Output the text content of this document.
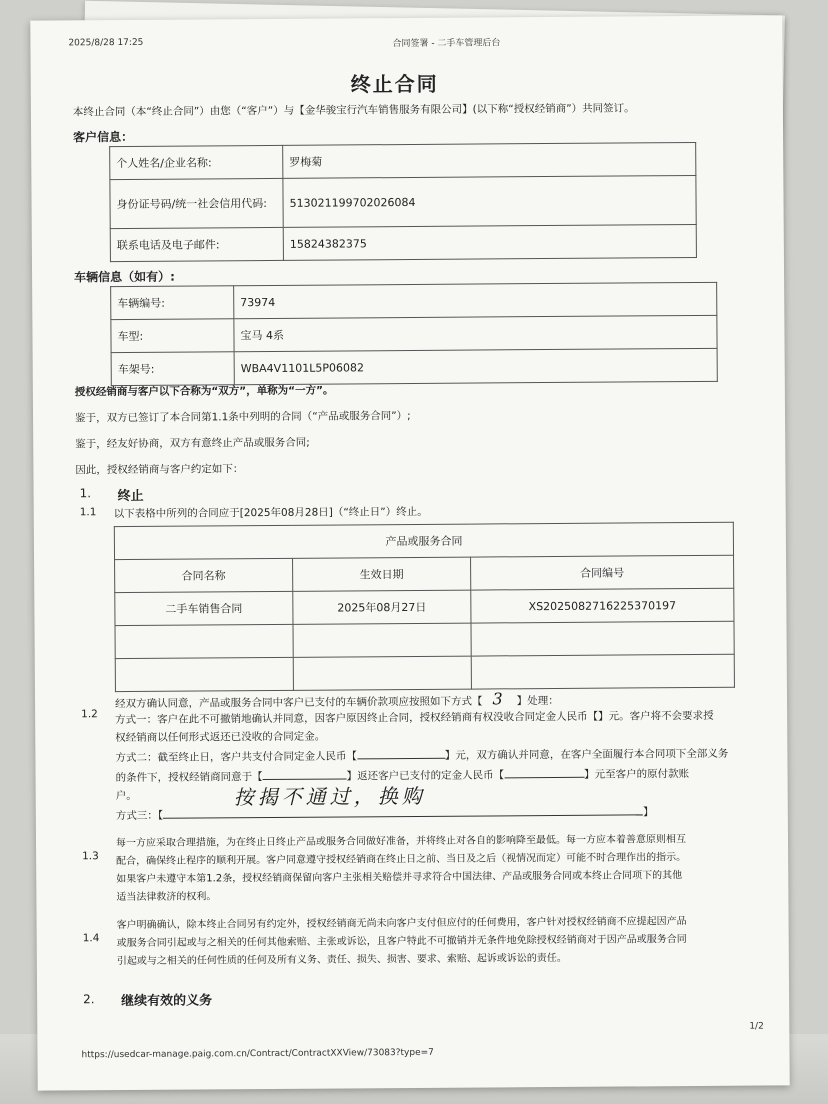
2025/8/28 17:25	合同签署 - 二手车管理后台
终止合同
本终止合同（本“终止合同”）由您（“客户”）与【金华骏宝行汽车销售服务有限公司】(以下称“授权经销商”）共同签订。
客户信息：
个人姓名/企业名称:	罗梅菊
身份证号码/统一社会信用代码:	513021199702026084
联系电话及电子邮件:	15824382375
车辆信息（如有）:
车辆编号:	73974
车型:	宝马 4系
车架号:	WBA4V1101L5P06082
授权经销商与客户以下合称为“双方”，单称为“一方”。
鉴于，双方已签订了本合同第1.1条中列明的合同（“产品或服务合同”）;
鉴于，经友好协商，双方有意终止产品或服务合同;
因此，授权经销商与客户约定如下：
1. 终止
1.1 以下表格中所列的合同应于[2025年08月28日]（“终止日”）终止。
产品或服务合同		
合同名称	生效日期	合同编号
二手车销售合同	2025年08月27日	XS2025082716225370197

1.2
经双方确认同意，产品或服务合同中客户已支付的车辆价款项应按照如下方式【 3 】处理：
方式一：客户在此不可撤销地确认并同意，因客户原因终止合同，授权经销商有权没收合同定金人民币【】元。客户将不会要求授
权经销商以任何形式返还已没收的合同定金。
方式二：截至终止日，客户共支付合同定金人民币【	】元，双方确认并同意，在客户全面履行本合同项下全部义务
的条件下，授权经销商同意于【	】返还客户已支付的定金人民币【	】元至客户的原付款账
户。
方式三：【	】
按揭不通过，换购
1.3
每一方应采取合理措施，为在终止日终止产品或服务合同做好准备，并将终止对各自的影响降至最低。每一方应本着善意原则相互
配合，确保终止程序的顺利开展。客户同意遵守授权经销商在终止日之前、当日及之后（视情况而定）可能不时合理作出的指示。
如果客户未遵守本第1.2条，授权经销商保留向客户主张相关赔偿并寻求符合中国法律、产品或服务合同或本终止合同项下的其他
适当法律救济的权利。
1.4
客户明确确认，除本终止合同另有约定外，授权经销商无尚未向客户支付但应付的任何费用，客户针对授权经销商不应提起因产品
或服务合同引起或与之相关的任何其他索赔、主张或诉讼，且客户特此不可撤销并无条件地免除授权经销商对于因产品或服务合同
引起或与之相关的任何性质的任何及所有义务、责任、损失、损害、要求、索赔、起诉或诉讼的责任。
2. 继续有效的义务
1/2
https://usedcar-manage.paig.com.cn/Contract/ContractXXView/73083?type=7
